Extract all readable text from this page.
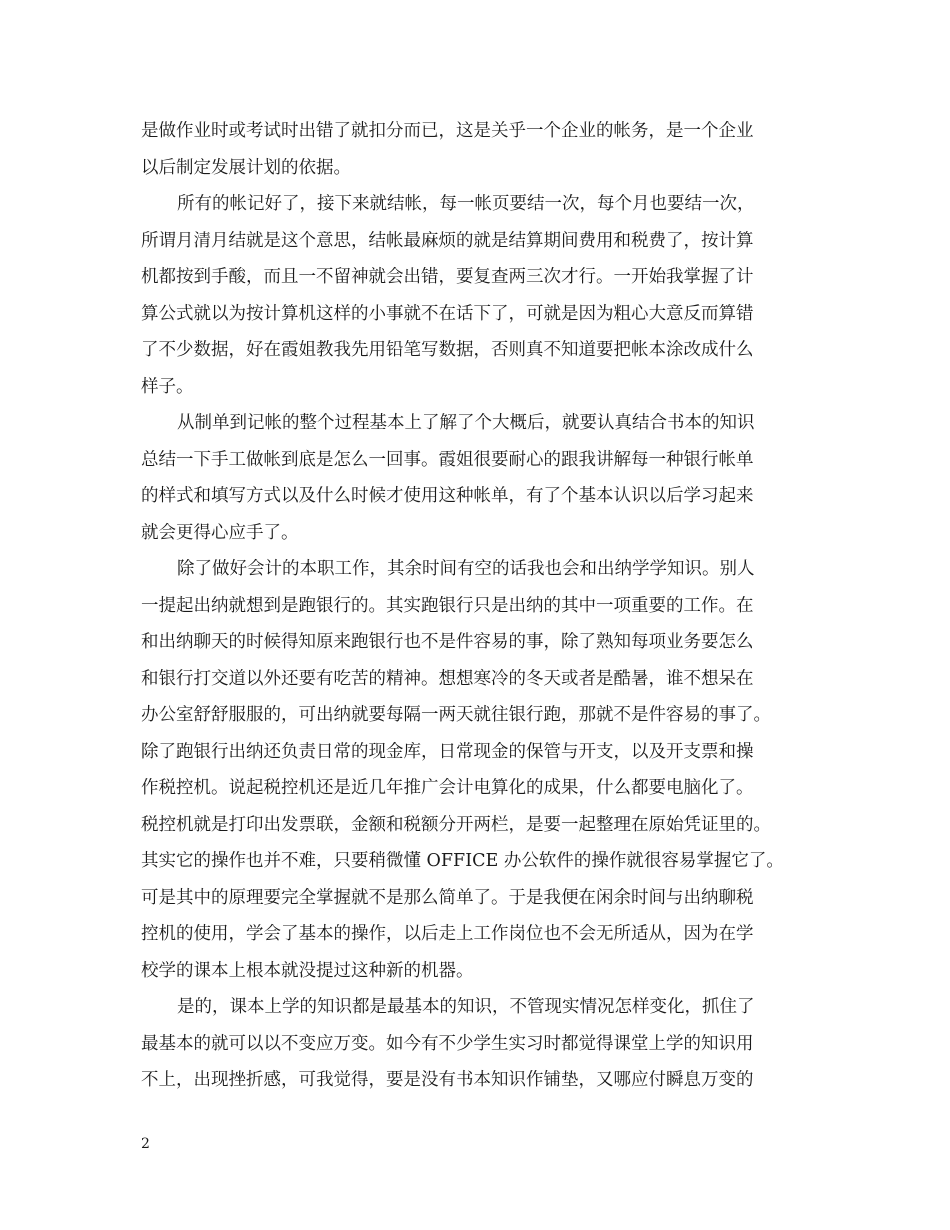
是做作业时或考试时出错了就扣分而已，这是关乎一个企业的帐务，是一个企业
以后制定发展计划的依据。
所有的帐记好了，接下来就结帐，每一帐页要结一次，每个月也要结一次，
所谓月清月结就是这个意思，结帐最麻烦的就是结算期间费用和税费了，按计算
机都按到手酸，而且一不留神就会出错，要复查两三次才行。一开始我掌握了计
算公式就以为按计算机这样的小事就不在话下了，可就是因为粗心大意反而算错
了不少数据，好在霞姐教我先用铅笔写数据，否则真不知道要把帐本涂改成什么
样子。
从制单到记帐的整个过程基本上了解了个大概后，就要认真结合书本的知识
总结一下手工做帐到底是怎么一回事。霞姐很要耐心的跟我讲解每一种银行帐单
的样式和填写方式以及什么时候才使用这种帐单，有了个基本认识以后学习起来
就会更得心应手了。
除了做好会计的本职工作，其余时间有空的话我也会和出纳学学知识。别人
一提起出纳就想到是跑银行的。其实跑银行只是出纳的其中一项重要的工作。在
和出纳聊天的时候得知原来跑银行也不是件容易的事，除了熟知每项业务要怎么
和银行打交道以外还要有吃苦的精神。想想寒冷的冬天或者是酷暑，谁不想呆在
办公室舒舒服服的，可出纳就要每隔一两天就往银行跑，那就不是件容易的事了。
除了跑银行出纳还负责日常的现金库，日常现金的保管与开支，以及开支票和操
作税控机。说起税控机还是近几年推广会计电算化的成果，什么都要电脑化了。
税控机就是打印出发票联，金额和税额分开两栏，是要一起整理在原始凭证里的。
其实它的操作也并不难，只要稍微懂 OFFICE 办公软件的操作就很容易掌握它了。
可是其中的原理要完全掌握就不是那么简单了。于是我便在闲余时间与出纳聊税
控机的使用，学会了基本的操作，以后走上工作岗位也不会无所适从，因为在学
校学的课本上根本就没提过这种新的机器。
是的，课本上学的知识都是最基本的知识，不管现实情况怎样变化，抓住了
最基本的就可以以不变应万变。如今有不少学生实习时都觉得课堂上学的知识用
不上，出现挫折感，可我觉得，要是没有书本知识作铺垫，又哪应付瞬息万变的
2
